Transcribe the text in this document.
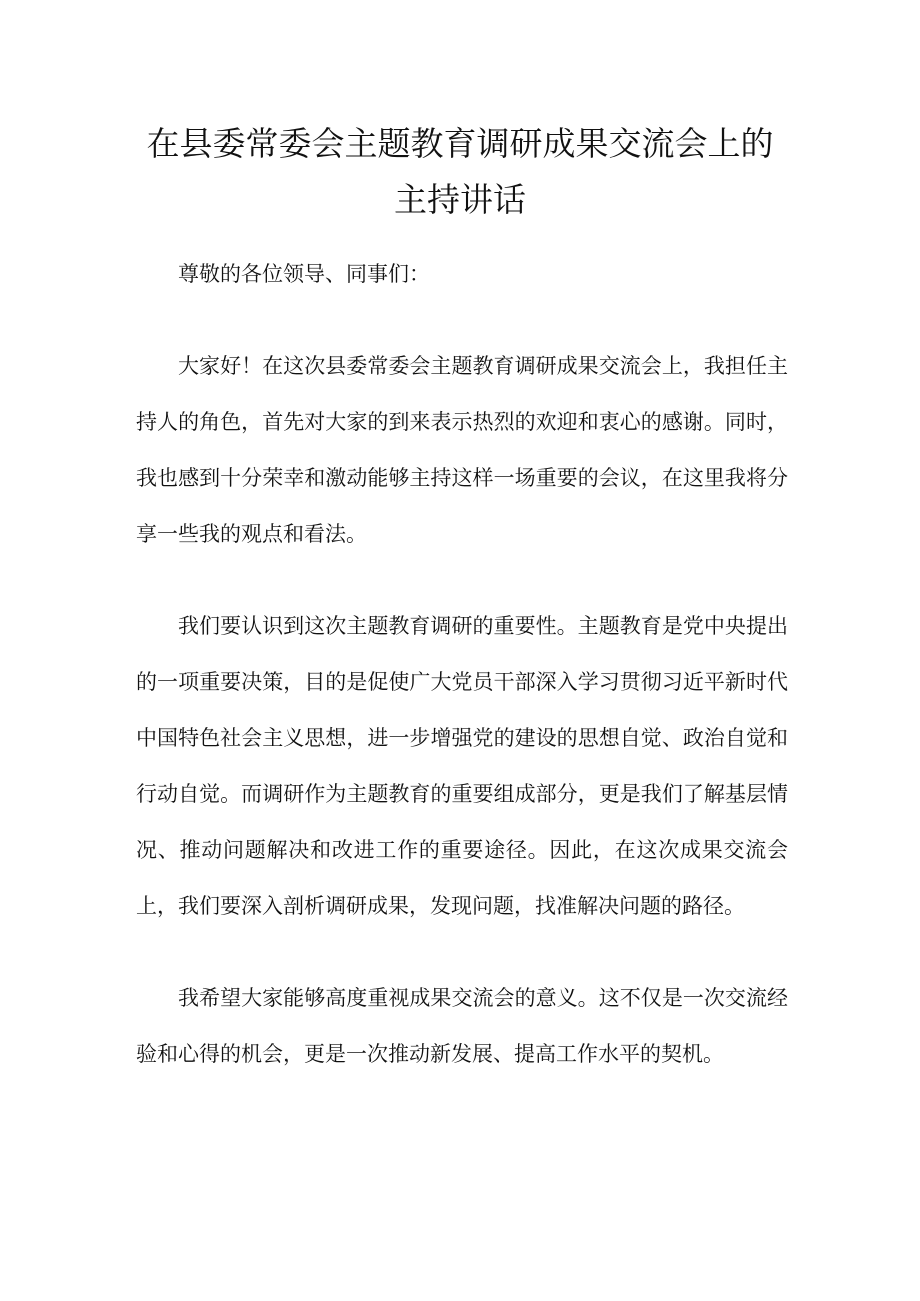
在县委常委会主题教育调研成果交流会上的
主持讲话

尊敬的各位领导、同事们：

大家好！在这次县委常委会主题教育调研成果交流会上，我担任主持人的角色，首先对大家的到来表示热烈的欢迎和衷心的感谢。同时，我也感到十分荣幸和激动能够主持这样一场重要的会议，在这里我将分享一些我的观点和看法。

我们要认识到这次主题教育调研的重要性。主题教育是党中央提出的一项重要决策，目的是促使广大党员干部深入学习贯彻习近平新时代中国特色社会主义思想，进一步增强党的建设的思想自觉、政治自觉和行动自觉。而调研作为主题教育的重要组成部分，更是我们了解基层情况、推动问题解决和改进工作的重要途径。因此，在这次成果交流会上，我们要深入剖析调研成果，发现问题，找准解决问题的路径。

我希望大家能够高度重视成果交流会的意义。这不仅是一次交流经验和心得的机会，更是一次推动新发展、提高工作水平的契机。
